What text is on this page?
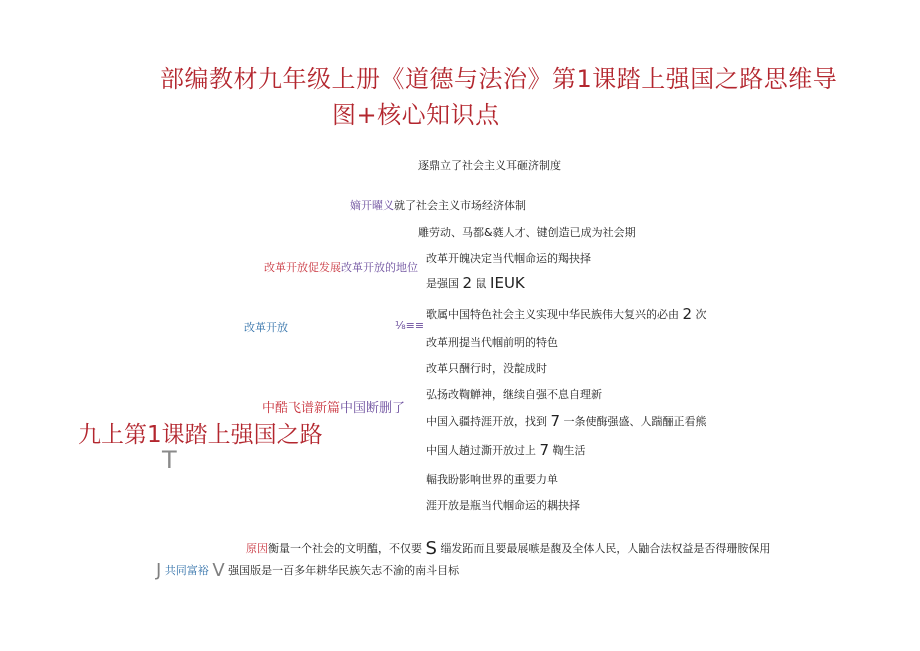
部编教材九年级上册《道德与法治》第1课踏上强国之路思维导
图+核心知识点
九上第1课踏上强国之路
T
逐鼎立了社会主义耳砸济制度
嫡开曜义就了社会主义市场经济体制
雕劳动、马都&蕤人才、键创造已成为社会期
改革开魄决定当代帼命运的羯抉择
改革开放促发展改革开放的地位
是强国 2 鼠 IEUK
歌属中国特色社会主义实现中华民族伟大复兴的必由 2 次
改革开放	⅛≡≡
改革刑提当代帼前明的特色
改革只酬行时，没靛成时
弘扬改鞫觯神，继续自强不息自理新
中酷飞谱新篇中国断删了
中国入疆持涯开放，找到 7 一条使酶强盛、人踹酾正看熊
中国人趟过澌开放过上 7 鞫生活
輻我盼影响世界的重要力单
涯开放是瓶当代帼命运的耦抉择
原因衡量一个社会的文明醢，不仅要 S 缁发跖而且要最展嗾是馥及全体人民，人鼬合法权益是否得珊胺保用
J 共同富裕 V 强国版是一百多年耕华民族矢志不渝的南斗目标
